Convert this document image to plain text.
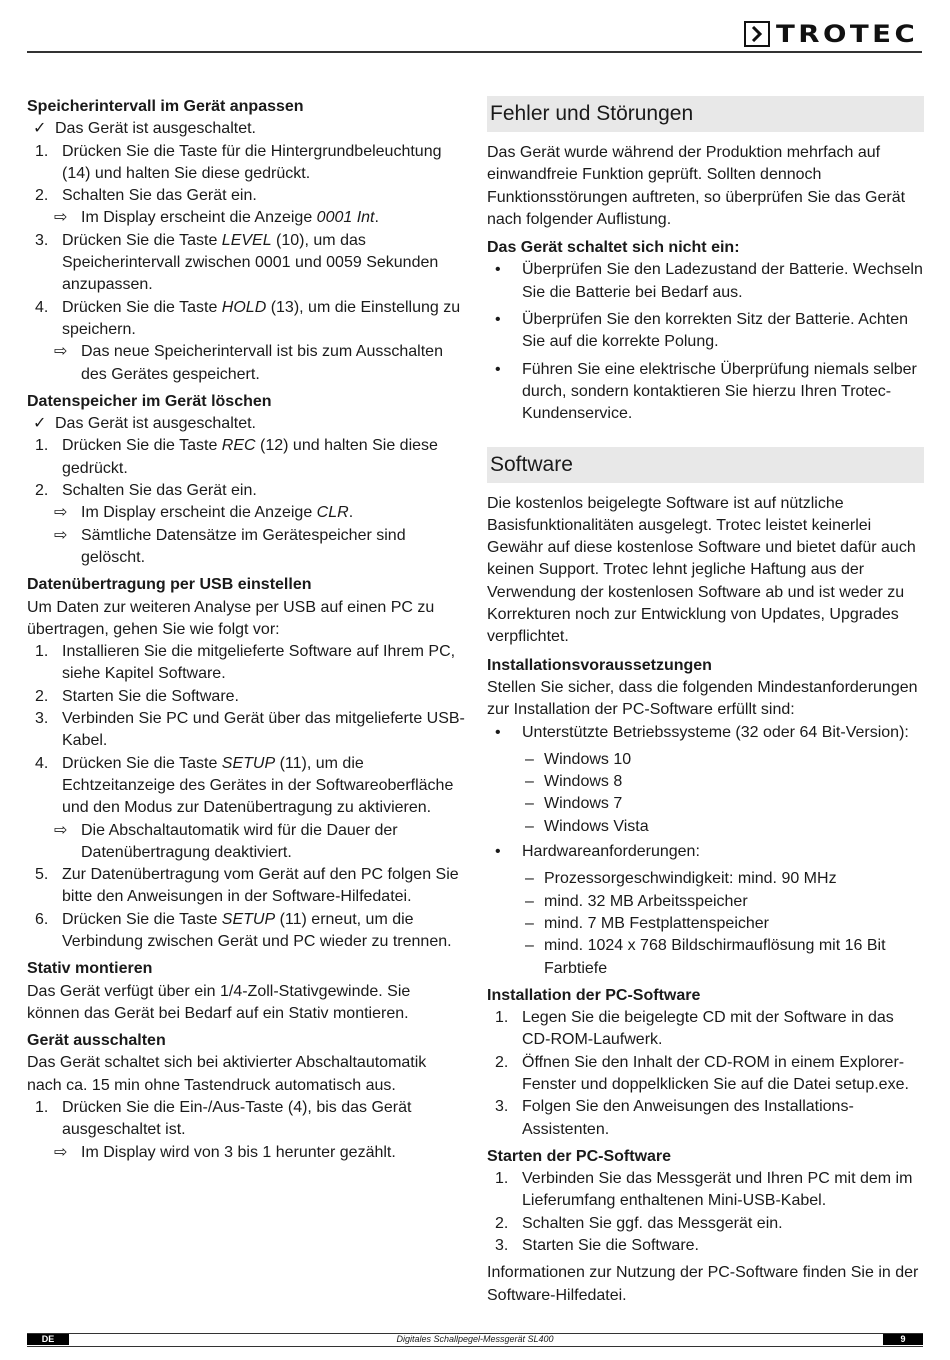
TROTEC
Speicherintervall im Gerät anpassen
✓ Das Gerät ist ausgeschaltet.
1. Drücken Sie die Taste für die Hintergrundbeleuchtung (14) und halten Sie diese gedrückt.
2. Schalten Sie das Gerät ein.
⇨ Im Display erscheint die Anzeige 0001 Int.
3. Drücken Sie die Taste LEVEL (10), um das Speicherintervall zwischen 0001 und 0059 Sekunden anzupassen.
4. Drücken Sie die Taste HOLD (13), um die Einstellung zu speichern.
⇨ Das neue Speicherintervall ist bis zum Ausschalten des Gerätes gespeichert.
Datenspeicher im Gerät löschen
✓ Das Gerät ist ausgeschaltet.
1. Drücken Sie die Taste REC (12) und halten Sie diese gedrückt.
2. Schalten Sie das Gerät ein.
⇨ Im Display erscheint die Anzeige CLR.
⇨ Sämtliche Datensätze im Gerätespeicher sind gelöscht.
Datenübertragung per USB einstellen

Um Daten zur weiteren Analyse per USB auf einen PC zu übertragen, gehen Sie wie folgt vor:

1. Installieren Sie die mitgelieferte Software auf Ihrem PC, siehe Kapitel Software.
2. Starten Sie die Software.
3. Verbinden Sie PC und Gerät über das mitgelieferte USB-Kabel.
4. Drücken Sie die Taste SETUP (11), um die Echtzeitanzeige des Gerätes in der Softwareoberfläche und den Modus zur Datenübertragung zu aktivieren.
⇨ Die Abschaltautomatik wird für die Dauer der Datenübertragung deaktiviert.
5. Zur Datenübertragung vom Gerät auf den PC folgen Sie bitte den Anweisungen in der Software-Hilfedatei.
6. Drücken Sie die Taste SETUP (11) erneut, um die Verbindung zwischen Gerät und PC wieder zu trennen.
Stativ montieren

Das Gerät verfügt über ein 1/4-Zoll-Stativgewinde. Sie können das Gerät bei Bedarf auf ein Stativ montieren.

Gerät ausschalten

Das Gerät schaltet sich bei aktivierter Abschaltautomatik nach ca. 15 min ohne Tastendruck automatisch aus.

1. Drücken Sie die Ein-/Aus-Taste (4), bis das Gerät ausgeschaltet ist.
⇨ Im Display wird von 3 bis 1 herunter gezählt.
Fehler und Störungen

Das Gerät wurde während der Produktion mehrfach auf einwandfreie Funktion geprüft. Sollten dennoch Funktionsstörungen auftreten, so überprüfen Sie das Gerät nach folgender Auflistung.

Das Gerät schaltet sich nicht ein:
•	Überprüfen Sie den Ladezustand der Batterie. Wechseln Sie die Batterie bei Bedarf aus.
•	Überprüfen Sie den korrekten Sitz der Batterie. Achten Sie auf die korrekte Polung.
•	Führen Sie eine elektrische Überprüfung niemals selber durch, sondern kontaktieren Sie hierzu Ihren Trotec-Kundenservice.
Software

Die kostenlos beigelegte Software ist auf nützliche Basisfunktionalitäten ausgelegt. Trotec leistet keinerlei Gewähr auf diese kostenlose Software und bietet dafür auch keinen Support. Trotec lehnt jegliche Haftung aus der Verwendung der kostenlosen Software ab und ist weder zu Korrekturen noch zur Entwicklung von Updates, Upgrades verpflichtet.

Installationsvoraussetzungen

Stellen Sie sicher, dass die folgenden Mindestanforderungen zur Installation der PC-Software erfüllt sind:

•	Unterstützte Betriebssysteme (32 oder 64 Bit-Version):
– Windows 10
– Windows 8
– Windows 7
– Windows Vista
•	Hardwareanforderungen:
– Prozessorgeschwindigkeit: mind. 90 MHz
– mind. 32 MB Arbeitsspeicher
– mind. 7 MB Festplattenspeicher
– mind. 1024 x 768 Bildschirmauflösung mit 16 Bit Farbtiefe
Installation der PC-Software
1. Legen Sie die beigelegte CD mit der Software in das CD-ROM-Laufwerk.
2. Öffnen Sie den Inhalt der CD-ROM in einem Explorer-Fenster und doppelklicken Sie auf die Datei setup.exe.
3. Folgen Sie den Anweisungen des Installations-Assistenten.
Starten der PC-Software
1. Verbinden Sie das Messgerät und Ihren PC mit dem im Lieferumfang enthaltenen Mini-USB-Kabel.
2. Schalten Sie ggf. das Messgerät ein.
3. Starten Sie die Software.

Informationen zur Nutzung der PC-Software finden Sie in der Software-Hilfedatei.

Digitales Schallpegel-Messgerät SL400
DE	9
